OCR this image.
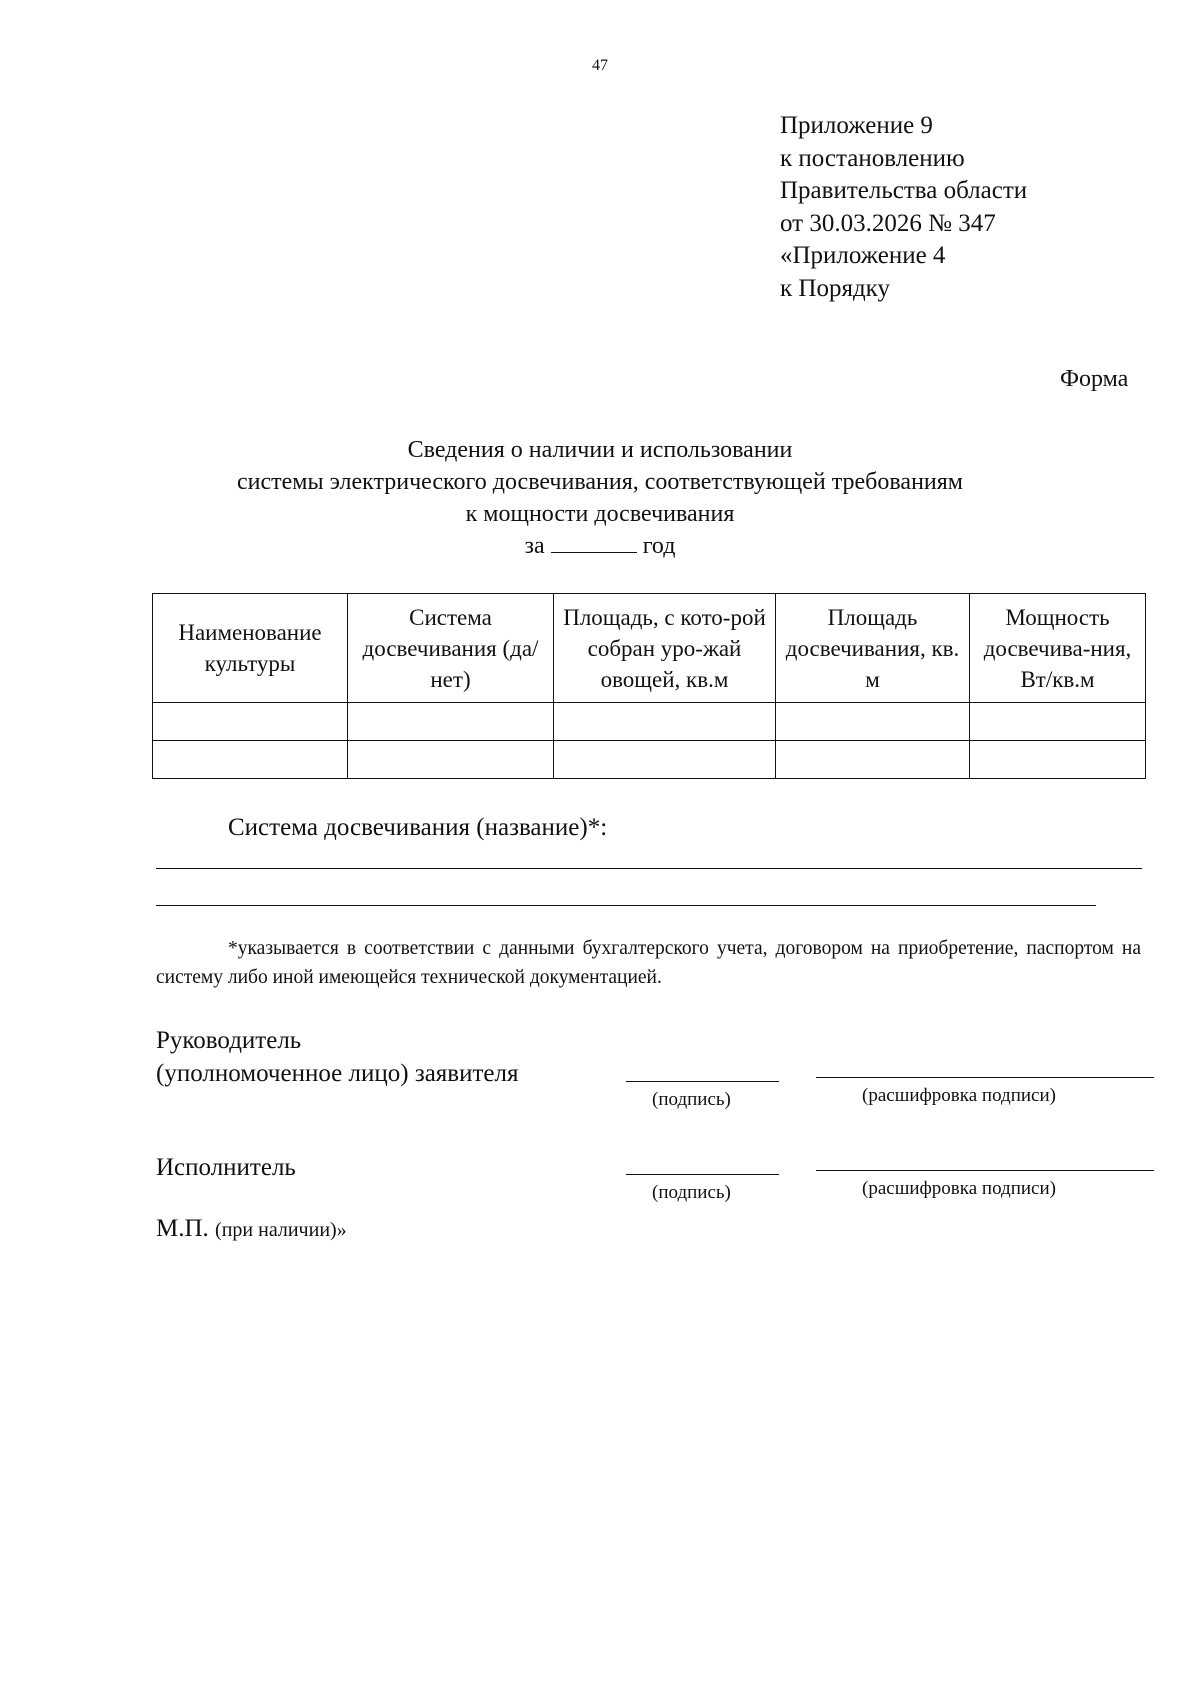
47
Приложение 9
к постановлению
Правительства области
от 30.03.2026 № 347
«Приложение 4
к Порядку
Форма
Сведения о наличии и использовании
системы электрического досвечивания, соответствующей требованиям
к мощности досвечивания
за	год
Наименование культуры	Система досвечивания (да/нет)	Площадь, с кото-рой собран уро-жай овощей, кв.м	Площадь досвечивания, кв. м	Мощность досвечива-ния, Вт/кв.м

Система досвечивания (название)*:
*указывается в соответствии с данными бухгалтерского учета, договором на приобретение, паспортом на систему либо иной имеющейся технической документацией.
Руководитель
(уполномоченное лицо) заявителя
(подпись)	(расшифровка подписи)
Исполнитель
(подпись)	(расшифровка подписи)
М.П. (при наличии)»
